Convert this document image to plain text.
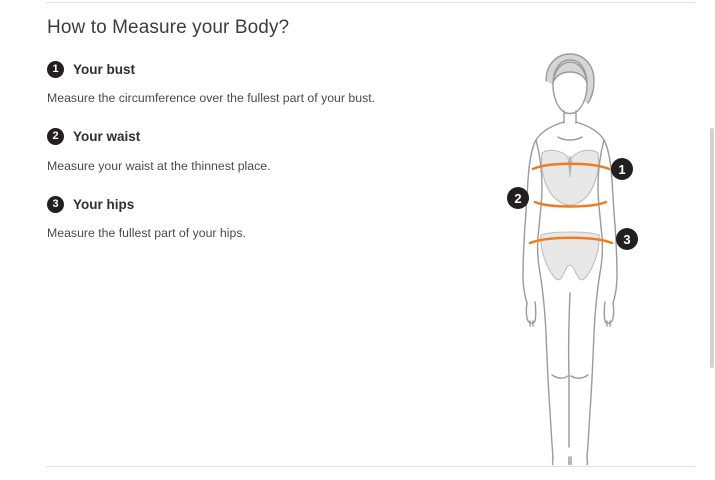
How to Measure your Body?
1	Your bust

Measure the circumference over the fullest part of your bust.

2	Your waist

Measure your waist at the thinnest place.

3	Your hips

Measure the fullest part of your hips.

1
2
3
